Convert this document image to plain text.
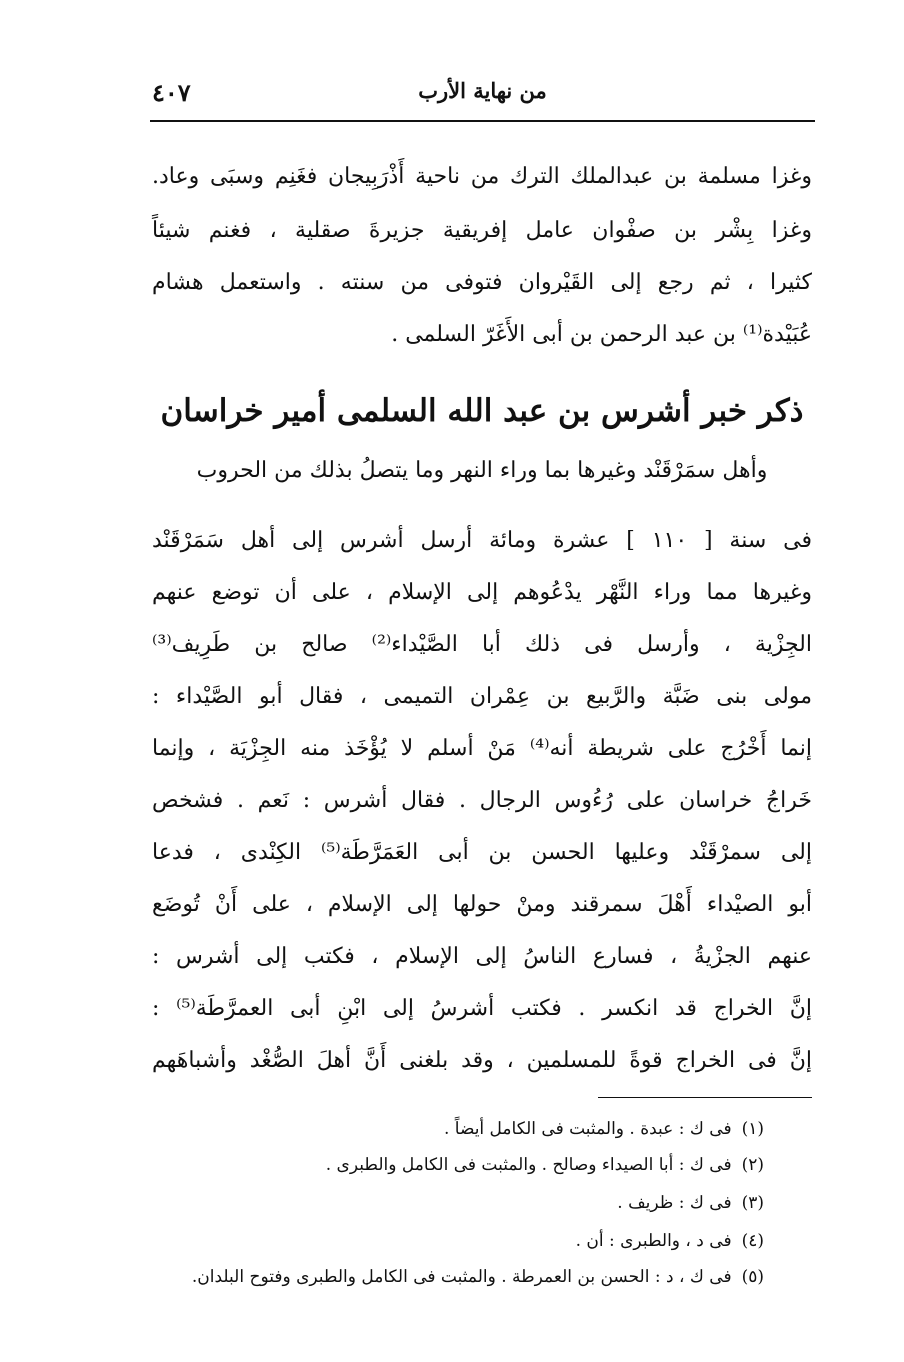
من نهاية الأرب
٤٠٧
وغزا مسلمة بن عبدالملك الترك من ناحية أَذْرَبِيجان فغَنِم وسبَى وعاد.
وغزا بِشْر بن صفْوان عامل إفريقية جزيرةَ صقلية ، فغنم شيئاً
كثيرا ، ثم رجع إلى القَيْروان فتوفى من سنته . واستعمل هشام
عُبَيْدة⁽¹⁾ بن عبد الرحمن بن أبى الأَغَرّ السلمى .
ذكر خبر أشرس بن عبد الله السلمى أمير خراسان
وأهل سمَرْقَنْد وغيرها بما وراء النهر وما يتصلُ بذلك من الحروب
فى سنة [ ١١٠ ] عشرة ومائة أرسل أشرس إلى أهل سَمَرْقَنْد
وغيرها مما وراء النَّهْر يدْعُوهم إلى الإسلام ، على أن توضع عنهم
الجِزْية ، وأرسل فى ذلك أبا الصَّيْداء⁽²⁾ صالح بن طَرِيف⁽³⁾
مولى بنى ضَبَّة والرَّبيع بن عِمْران التميمى ، فقال أبو الصَّيْداء :
إنما أَخْرُج على شريطة أنه⁽⁴⁾ مَنْ أسلم لا يُؤْخَذ منه الجِزْيَة ، وإنما
خَراجُ خراسان على رُءُوس الرجال . فقال أشرس : نَعم . فشخص
إلى سمرْقَنْد وعليها الحسن بن أبى العَمَرَّطَة⁽⁵⁾ الكِنْدى ، فدعا
أبو الصيْداء أَهْلَ سمرقند ومنْ حولها إلى الإسلام ، على أَنْ تُوضَع
عنهم الجزْيةُ ، فسارع الناسُ إلى الإسلام ، فكتب إلى أشرس :
إنَّ الخراج قد انكسر . فكتب أشرسُ إلى ابْنِ أبى العمرَّطَة⁽⁵⁾ :
إنَّ فى الخراج قوةً للمسلمين ، وقد بلغنى أَنَّ أهلَ الصُّغْد وأشباهَهم
(١)فى ك : عبدة . والمثبت فى الكامل أيضاً .
(٢)فى ك : أبا الصيداء وصالح . والمثبت فى الكامل والطبرى .
(٣)فى ك : ظريف .
(٤)فى د ، والطبرى : أن .
(٥)فى ك ، د : الحسن بن العمرطة . والمثبت فى الكامل والطبرى وفتوح البلدان.
